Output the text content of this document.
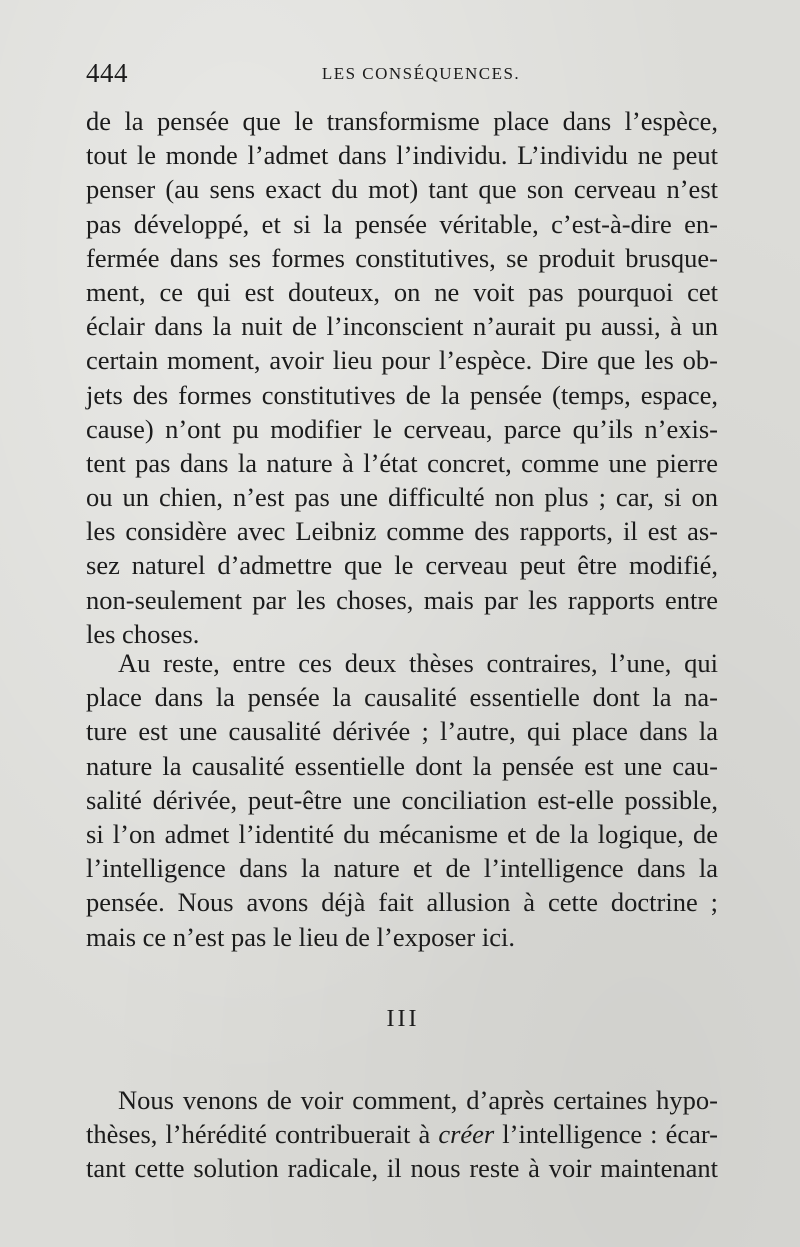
444	LES CONSÉQUENCES.
de la pensée que le transformisme place dans l’espèce,
tout le monde l’admet dans l’individu. L’individu ne peut
penser (au sens exact du mot) tant que son cerveau n’est
pas développé, et si la pensée véritable, c’est-à-dire en-
fermée dans ses formes constitutives, se produit brusque-
ment, ce qui est douteux, on ne voit pas pourquoi cet
éclair dans la nuit de l’inconscient n’aurait pu aussi, à un
certain moment, avoir lieu pour l’espèce. Dire que les ob-
jets des formes constitutives de la pensée (temps, espace,
cause) n’ont pu modifier le cerveau, parce qu’ils n’exis-
tent pas dans la nature à l’état concret, comme une pierre
ou un chien, n’est pas une difficulté non plus ; car, si on
les considère avec Leibniz comme des rapports, il est as-
sez naturel d’admettre que le cerveau peut être modifié,
non-seulement par les choses, mais par les rapports entre
les choses.
Au reste, entre ces deux thèses contraires, l’une, qui
place dans la pensée la causalité essentielle dont la na-
ture est une causalité dérivée ; l’autre, qui place dans la
nature la causalité essentielle dont la pensée est une cau-
salité dérivée, peut-être une conciliation est-elle possible,
si l’on admet l’identité du mécanisme et de la logique, de
l’intelligence dans la nature et de l’intelligence dans la
pensée. Nous avons déjà fait allusion à cette doctrine ;
mais ce n’est pas le lieu de l’exposer ici.
III
Nous venons de voir comment, d’après certaines hypo-
thèses, l’hérédité contribuerait à créer l’intelligence : écar-
tant cette solution radicale, il nous reste à voir maintenant
